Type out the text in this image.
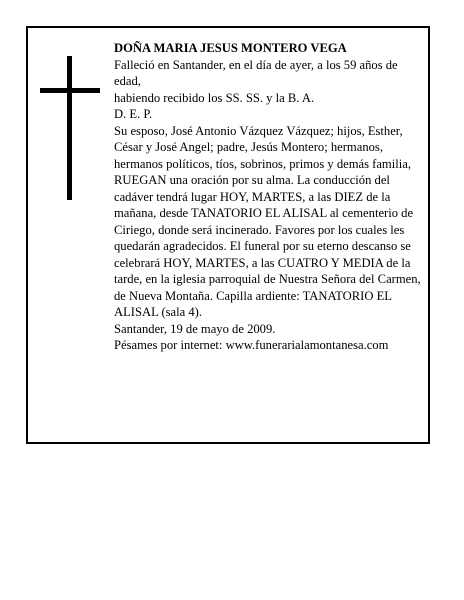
DOÑA MARIA JESUS MONTERO VEGA

Falleció en Santander, en el día de ayer, a los 59 años de edad,

habiendo recibido los SS. SS. y la B. A.

D. E. P.

Su esposo, José Antonio Vázquez Vázquez; hijos, Esther, César y José Angel; padre, Jesús Montero; hermanos, hermanos políticos, tíos, sobrinos, primos y demás familia,

RUEGAN una oración por su alma. La conducción del cadáver tendrá lugar HOY, MARTES, a las DIEZ de la mañana, desde TANATORIO EL ALISAL al cementerio de Ciriego, donde será incinerado. Favores por los cuales les quedarán agradecidos. El funeral por su eterno descanso se celebrará HOY, MARTES, a las CUATRO Y MEDIA de la tarde, en la iglesia parroquial de Nuestra Señora del Carmen, de Nueva Montaña. Capilla ardiente: TANATORIO EL ALISAL (sala 4).

Santander, 19 de mayo de 2009.

Pésames por internet: www.funerarialamontanesa.com
